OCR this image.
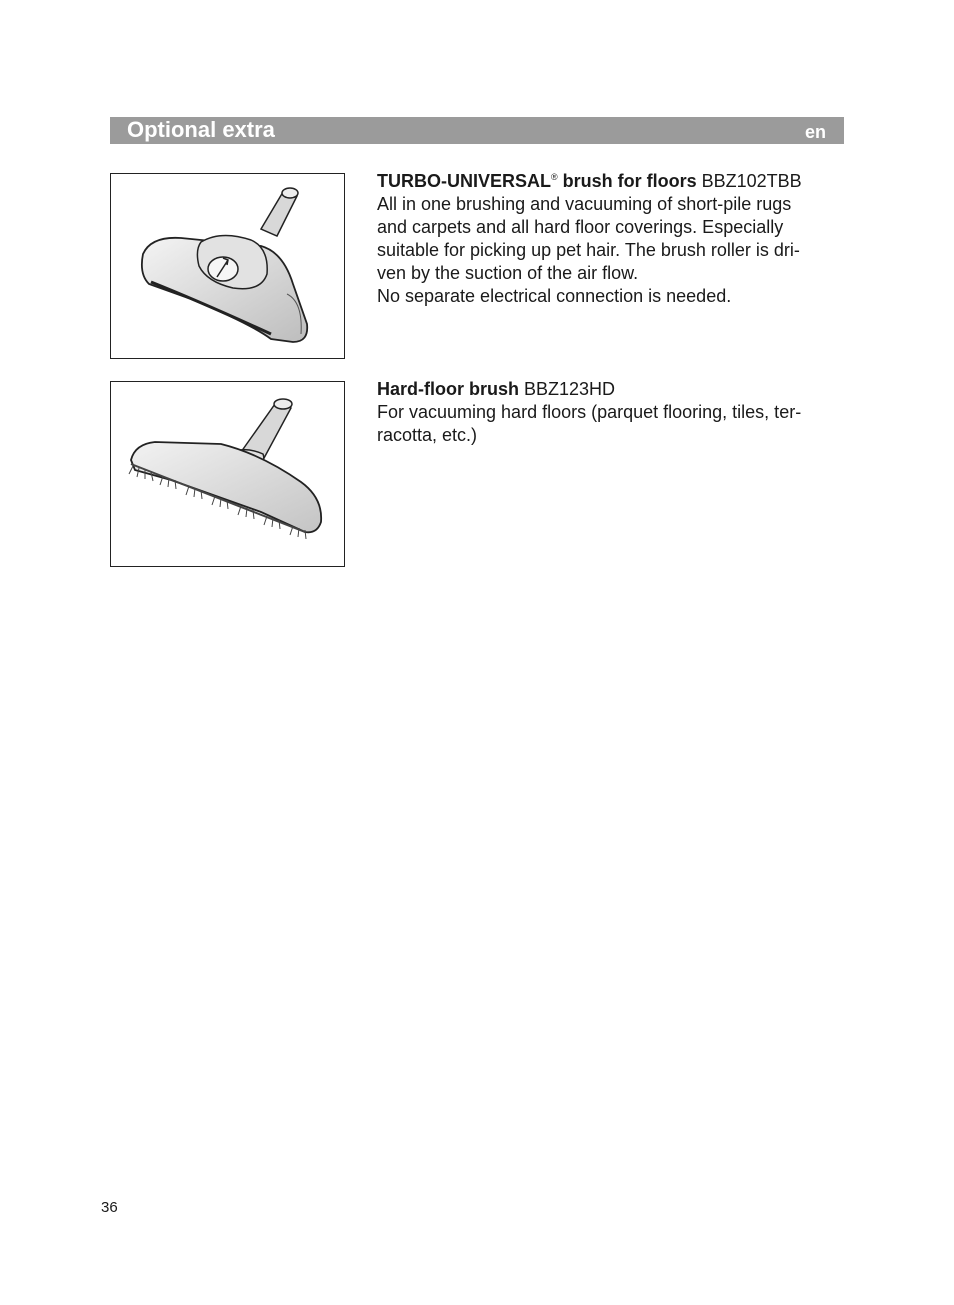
Optional extra	en
TURBO-UNIVERSAL® brush for floors BBZ102TBB

All in one brushing and vacuuming of short-pile rugs

and carpets and all hard floor coverings. Especially

suitable for picking up pet hair. The brush roller is dri-

ven by the suction of the air flow.

No separate electrical connection is needed.

Hard-floor brush BBZ123HD

For vacuuming hard floors (parquet flooring, tiles, ter-

racotta, etc.)

36
